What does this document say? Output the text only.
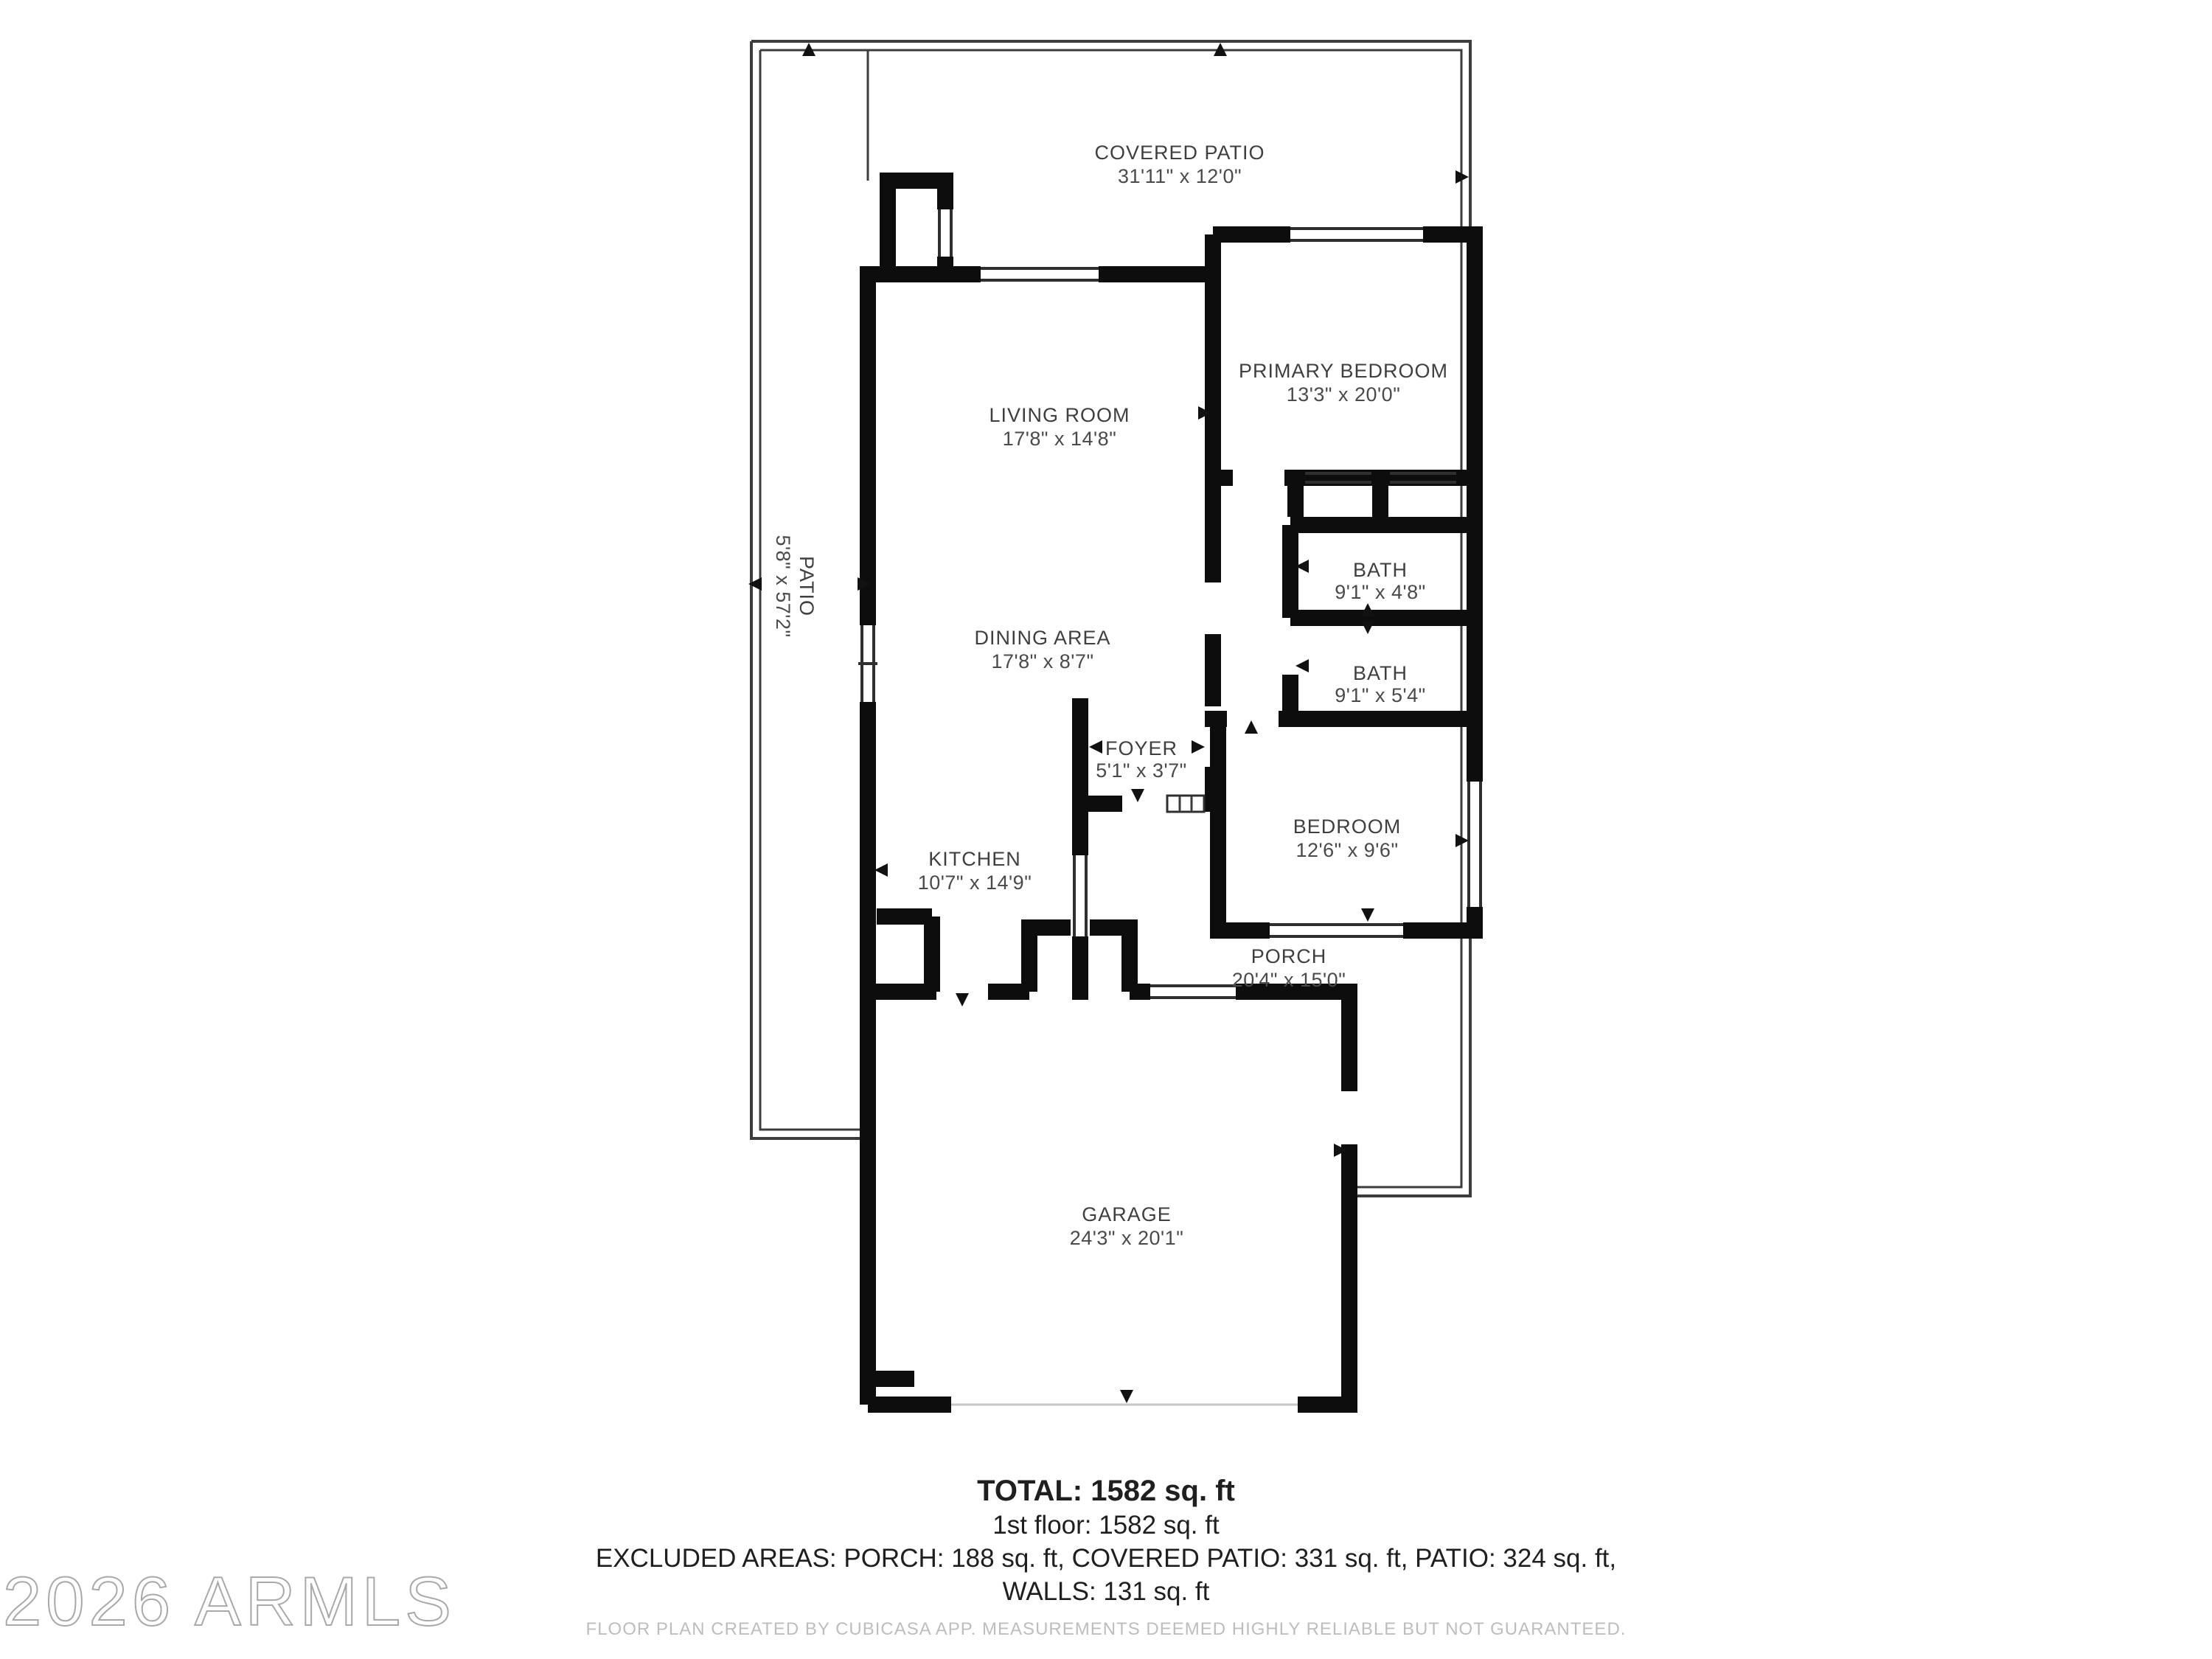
COVERED PATIO
31'11" x 12'0"
PATIO
5'8" x 57'2"
LIVING ROOM
17'8" x 14'8"
PRIMARY BEDROOM
13'3" x 20'0"
BATH
9'1" x 4'8"
BATH
9'1" x 5'4"
DINING AREA
17'8" x 8'7"
FOYER
5'1" x 3'7"
BEDROOM
12'6" x 9'6"
KITCHEN
10'7" x 14'9"
PORCH
20'4" x 15'0"
GARAGE
24'3" x 20'1"
TOTAL: 1582 sq. ft
1st floor: 1582 sq. ft
EXCLUDED AREAS: PORCH: 188 sq. ft, COVERED PATIO: 331 sq. ft, PATIO: 324 sq. ft,
WALLS: 131 sq. ft
FLOOR PLAN CREATED BY CUBICASA APP. MEASUREMENTS DEEMED HIGHLY RELIABLE BUT NOT GUARANTEED.
2026 ARMLS
